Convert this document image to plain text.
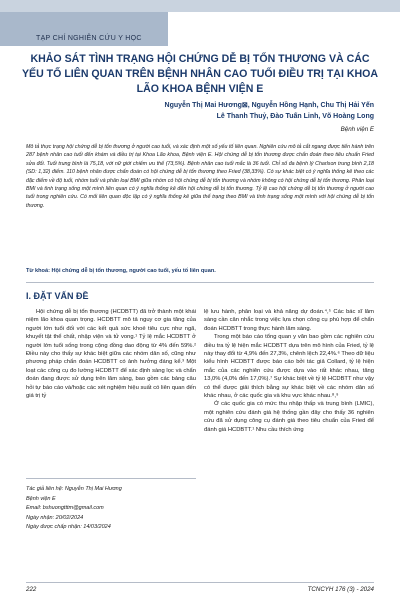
TẠP CHÍ NGHIÊN CỨU Y HỌC
KHẢO SÁT TÌNH TRẠNG HỘI CHỨNG DỄ BỊ TỔN THƯƠNG VÀ CÁC YẾU TỐ LIÊN QUAN TRÊN BỆNH NHÂN CAO TUỔI ĐIỀU TRỊ TẠI KHOA LÃO KHOA BỆNH VIỆN E
Nguyễn Thị Mai Hương⊠, Nguyễn Hồng Hạnh, Chu Thị Hải Yến
Lê Thanh Thuỷ, Đào Tuấn Linh, Võ Hoàng Long
Bệnh viện E
Mô tả thực trạng hội chứng dễ bị tổn thương ở người cao tuổi, và xác định một số yếu tố liên quan. Nghiên cứu mô tả cắt ngang được tiến hành trên 287 bệnh nhân cao tuổi đến khám và điều trị tại Khoa Lão khoa, Bệnh viện E. Hội chứng dễ bị tổn thương được chẩn đoán theo tiêu chuẩn Fried sửa đổi. Tuổi trung bình là 75,18, với nữ giới chiếm ưu thế (73,5%). Bệnh nhân cao tuổi mắc là 36 tuổi. Chỉ số đa bệnh lý Charlson trung bình 2,18 (SD: 1,32) điểm. 110 bệnh nhân được chẩn đoán có hội chứng dễ bị tổn thương theo Fried (38,33%). Có sự khác biệt có ý nghĩa thống kê theo các đặc điểm về độ tuổi, nhóm tuổi và phân loại BMI giữa nhóm có hội chứng dễ bị tổn thương và nhóm không có hội chứng dễ bị tổn thương. Phân loại BMI và tình trạng sống một mình liên quan có ý nghĩa thống kê đến hội chứng dễ bị tổn thương. Tỷ lệ cao hội chứng dễ bị tổn thương ở người cao tuổi trong nghiên cứu. Có mối liên quan độc lập có ý nghĩa thống kê giữa thể trạng theo BMI và tình trạng sống một mình với hội chứng dễ bị tổn thương.
Từ khoá: Hội chứng dễ bị tổn thương, người cao tuổi, yếu tố liên quan.
I. ĐẶT VẤN ĐỀ

Hội chứng dễ bị tổn thương (HCDBTT) đã trở thành một khái niệm lão khoa quan trọng. HCDBTT mô tả nguy cơ gia tăng của người lớn tuổi đối với các kết quả sức khoẻ tiêu cực như ngã, khuyết tật thể chất, nhập viện và tử vong.¹ Tỷ lệ mắc HCDBTT ở người lớn tuổi sống trong cộng đồng dao động từ 4% đến 59%.² Điều này cho thấy sự khác biệt giữa các nhóm dân số, cũng như phương pháp chẩn đoán HCDBTT có ảnh hưởng đáng kể.³ Một loạt các công cụ đo lường HCDBTT để xác định sàng lọc và chẩn đoán đang được sử dụng trên lâm sàng, bao gồm các bảng câu hỏi tự báo cáo và/hoặc các xét nghiệm hiệu suất có liên quan đến giá trị tỷ

lệ lưu hành, phân loại và khả năng dự đoán.⁴,⁵ Các bác sĩ lâm sàng cần cân nhắc trong việc lựa chọn công cụ phù hợp để chẩn đoán HCDBTT trong thực hành lâm sàng.

Trong một báo cáo tổng quan y văn bao gồm các nghiên cứu điều tra tỷ lệ hiện mắc HCDBTT dựa trên mô hình của Fried, tỷ lệ này thay đổi từ 4,9% đến 27,3%, chênh lệch 22,4%.⁶ Theo dữ liệu kiểu hình HCDBTT được báo cáo bởi tác giả Collard, tỷ lệ hiện mắc của các nghiên cứu được dựa vào rất khác nhau, tăng 13,0% (4,0% đến 17,0%).⁷ Sự khác biệt về tỷ lệ HCDBTT như vậy có thể được giải thích bằng sự khác biệt về các nhóm dân số khác nhau, ở các quốc gia và khu vực khác nhau.⁸,⁹

Ở các quốc gia có mức thu nhập thấp và trung bình (LMIC), một nghiên cứu đánh giá hệ thống gần đây cho thấy 36 nghiên cứu đã sử dụng công cụ đánh giá theo tiêu chuẩn của Fried để đánh giá HCDBTT.¹ Nhu cầu thích ứng

Tác giả liên hệ: Nguyễn Thị Mai Hương
Bệnh viện E
Email: bshuongtttm@gmail.com
Ngày nhận: 20/02/2024
Ngày được chấp nhận: 14/03/2024
222	TCNCYH 176 (3) - 2024
